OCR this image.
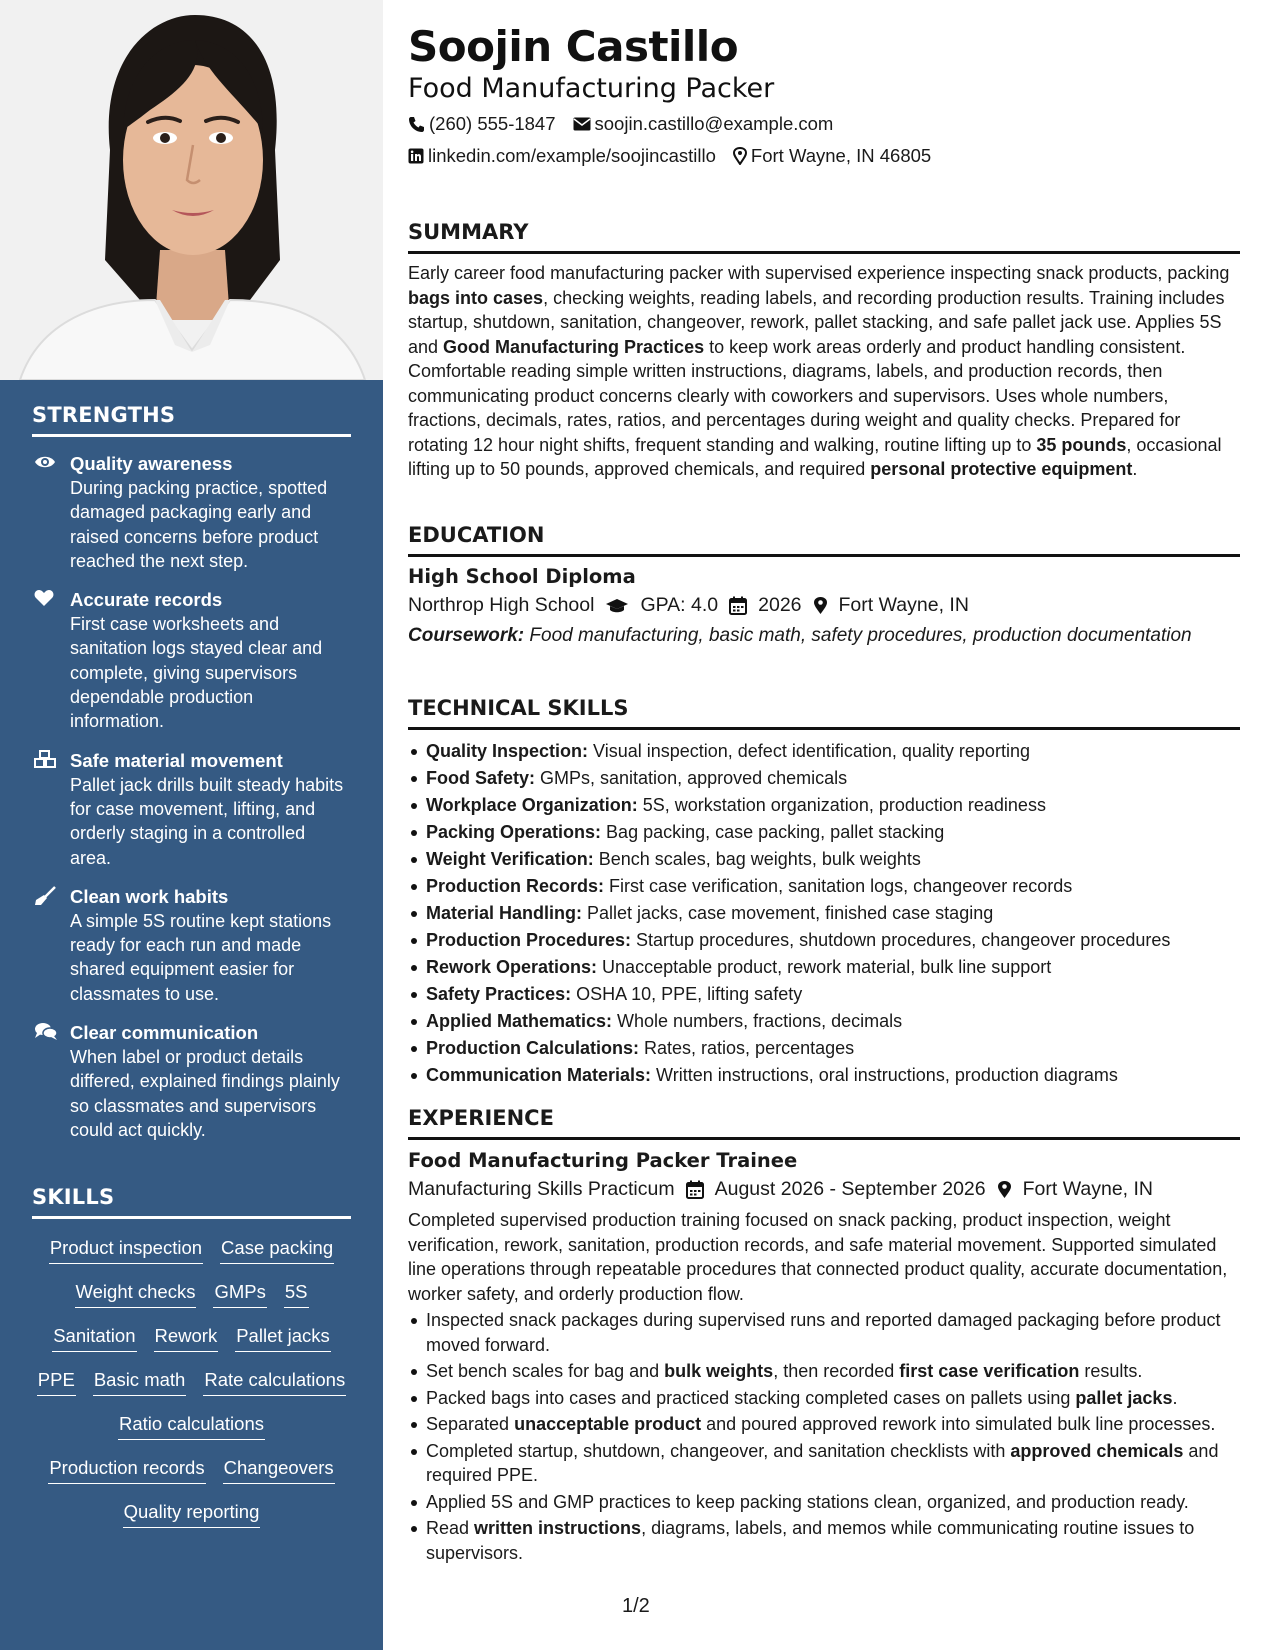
STRENGTHS
Quality awareness
During packing practice, spotted damaged packaging early and raised concerns before product reached the next step.
Accurate records
First case worksheets and sanitation logs stayed clear and complete, giving supervisors dependable production information.
Safe material movement
Pallet jack drills built steady habits for case movement, lifting, and orderly staging in a controlled area.
Clean work habits
A simple 5S routine kept stations ready for each run and made shared equipment easier for classmates to use.
Clear communication
When label or product details differed, explained findings plainly so classmates and supervisors could act quickly.
SKILLS
Product inspection Case packing
Weight checks GMPs 5S
Sanitation Rework Pallet jacks
PPE Basic math Rate calculations
Ratio calculations
Production records Changeovers
Quality reporting
Soojin Castillo
Food Manufacturing Packer
(260) 555-1847 soojin.castillo@example.com
linkedin.com/example/soojincastillo Fort Wayne, IN 46805
SUMMARY

Early career food manufacturing packer with supervised experience inspecting snack products, packing bags into cases, checking weights, reading labels, and recording production results. Training includes startup, shutdown, sanitation, changeover, rework, pallet stacking, and safe pallet jack use. Applies 5S and Good Manufacturing Practices to keep work areas orderly and product handling consistent. Comfortable reading simple written instructions, diagrams, labels, and production records, then communicating product concerns clearly with coworkers and supervisors. Uses whole numbers, fractions, decimals, rates, ratios, and percentages during weight and quality checks. Prepared for rotating 12 hour night shifts, frequent standing and walking, routine lifting up to 35 pounds, occasional lifting up to 50 pounds, approved chemicals, and required personal protective equipment.

EDUCATION
High School Diploma
Northrop High School GPA: 4.0 2026 Fort Wayne, IN
Coursework: Food manufacturing, basic math, safety procedures, production documentation
TECHNICAL SKILLS
Quality Inspection: Visual inspection, defect identification, quality reporting
Food Safety: GMPs, sanitation, approved chemicals
Workplace Organization: 5S, workstation organization, production readiness
Packing Operations: Bag packing, case packing, pallet stacking
Weight Verification: Bench scales, bag weights, bulk weights
Production Records: First case verification, sanitation logs, changeover records
Material Handling: Pallet jacks, case movement, finished case staging
Production Procedures: Startup procedures, shutdown procedures, changeover procedures
Rework Operations: Unacceptable product, rework material, bulk line support
Safety Practices: OSHA 10, PPE, lifting safety
Applied Mathematics: Whole numbers, fractions, decimals
Production Calculations: Rates, ratios, percentages
Communication Materials: Written instructions, oral instructions, production diagrams
EXPERIENCE
Food Manufacturing Packer Trainee
Manufacturing Skills Practicum August 2026 - September 2026 Fort Wayne, IN

Completed supervised production training focused on snack packing, product inspection, weight verification, rework, sanitation, production records, and safe material movement. Supported simulated line operations through repeatable procedures that connected product quality, accurate documentation, worker safety, and orderly production flow.

Inspected snack packages during supervised runs and reported damaged packaging before product moved forward.
Set bench scales for bag and bulk weights, then recorded first case verification results.
Packed bags into cases and practiced stacking completed cases on pallets using pallet jacks.
Separated unacceptable product and poured approved rework into simulated bulk line processes.
Completed startup, shutdown, changeover, and sanitation checklists with approved chemicals and required PPE.
Applied 5S and GMP practices to keep packing stations clean, organized, and production ready.
Read written instructions, diagrams, labels, and memos while communicating routine issues to supervisors.
1/2
